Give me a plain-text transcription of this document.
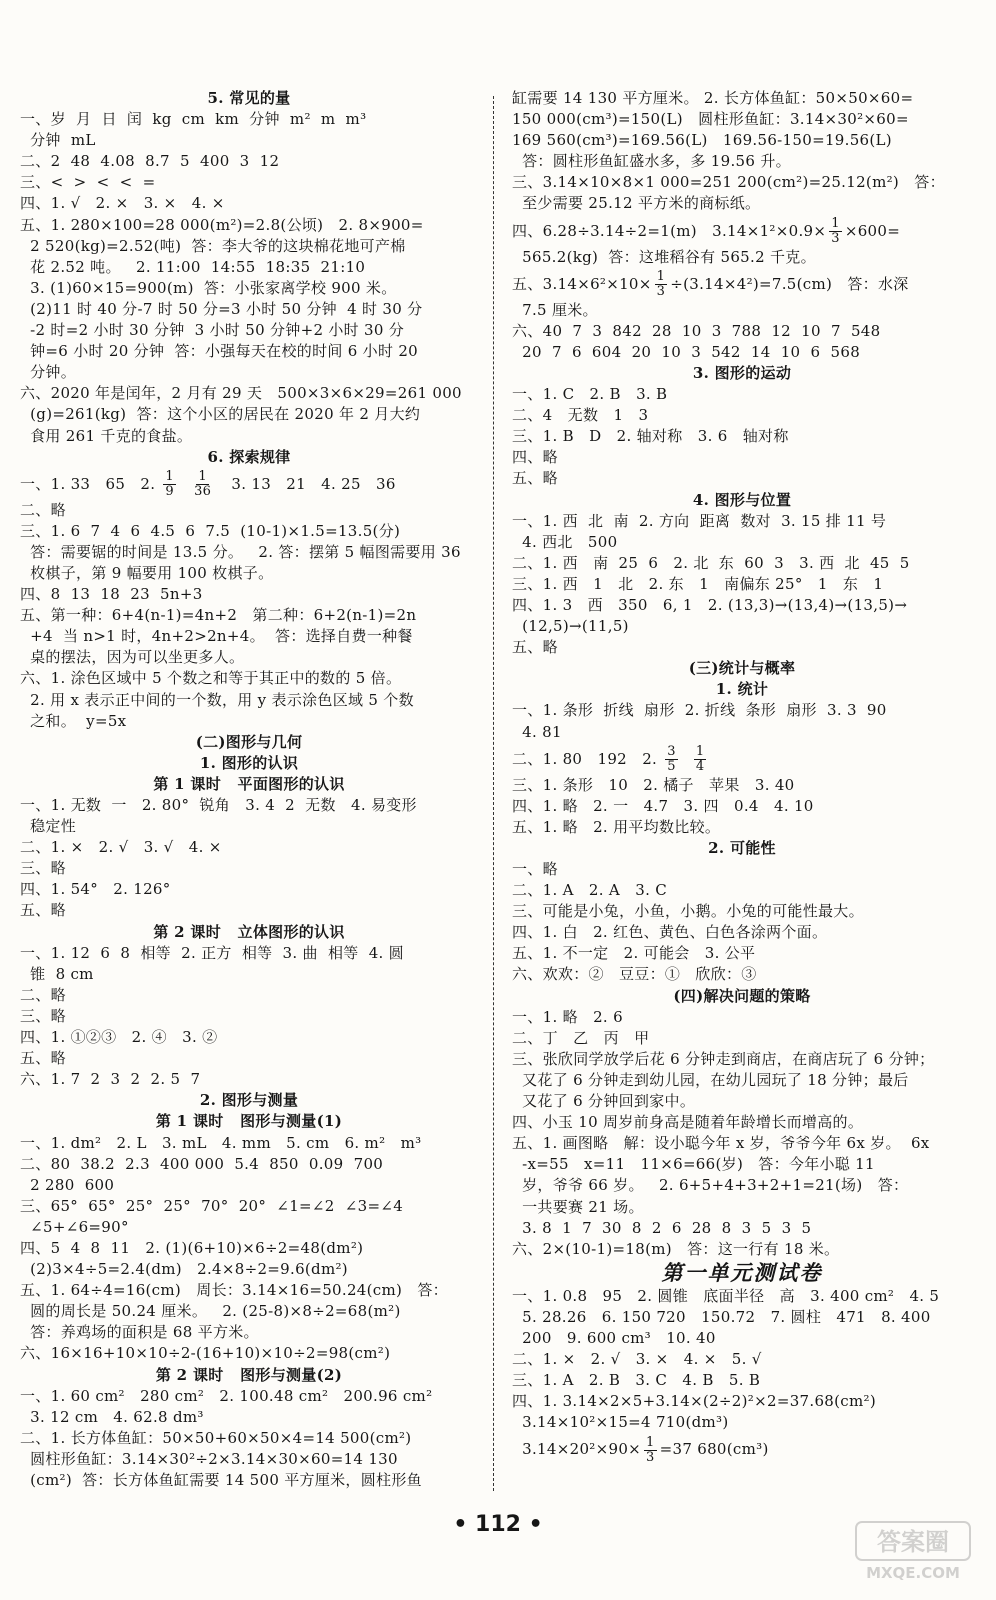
5. 常见的量
一、岁  月  日  闰  kg  cm  km  分钟  m²  m  m³
分钟  mL
二、2  48  4.08  8.7  5  400  3  12
三、<  >  <  <  =
四、1. √   2. ×   3. ×   4. ×
五、1. 280×100=28 000(m²)=2.8(公顷)   2. 8×900=
2 520(kg)=2.52(吨)  答：李大爷的这块棉花地可产棉
花 2.52 吨。   2. 11:00  14:55  18:35  21:10
3. (1)60×15=900(m)  答：小张家离学校 900 米。
(2)11 时 40 分-7 时 50 分=3 小时 50 分钟  4 时 30 分
-2 时=2 小时 30 分钟  3 小时 50 分钟+2 小时 30 分
钟=6 小时 20 分钟  答：小强每天在校的时间 6 小时 20
分钟。
六、2020 年是闰年，2 月有 29 天   500×3×6×29=261 000
(g)=261(kg)  答：这个小区的居民在 2020 年 2 月大约
食用 261 千克的食盐。
6. 探索规律
一、1. 33   65   2. $\frac{1}{9}$
$\frac{1}{36} 3$. 13   21   4. 25   36
二、略
三、1. 6  7  4  6  4.5  6  7.5  (10-1)×1.5=13.5(分)
答：需要锯的时间是 13.5 分。   2. 答：摆第 5 幅图需要用 36
枚棋子，第 9 幅要用 100 枚棋子。
四、8  13  18  23  5n+3
五、第一种：6+4(n-1)=4n+2   第二种：6+2(n-1)=2n
+4  当 n>1 时，4n+2>2n+4。  答：选择自费一种餐
桌的摆法，因为可以坐更多人。
六、1. 涂色区域中 5 个数之和等于其正中的数的 5 倍。
2. 用 x 表示正中间的一个数，用 y 表示涂色区域 5 个数
之和。  y=5x
(二)图形与几何
1. 图形的认识
第 1 课时   平面图形的认识
一、1. 无数  一   2. 80°  锐角   3. 4  2  无数   4. 易变形
稳定性
二、1. ×   2. √   3. √   4. ×
三、略
四、1. 54°   2. 126°
五、略
第 2 课时   立体图形的认识
一、1. 12  6  8  相等  2. 正方  相等  3. 曲  相等  4. 圆
锥  8 cm
二、略
三、略
四、1. ①②③   2. ④   3. ②
五、略
六、1. 7  2  3  2  2. 5  7
2. 图形与测量
第 1 课时   图形与测量(1)
一、1. dm²   2. L   3. mL   4. mm   5. cm   6. m²   m³
二、80  38.2  2.3  400 000  5.4  850  0.09  700
2 280  600
三、65°  65°  25°  25°  70°  20°  ∠1=∠2  ∠3=∠4
∠5+∠6=90°
四、5  4  8  11   2. (1)(6+10)×6÷2=48(dm²)
(2)3×4÷5=2.4(dm)   2.4×8÷2=9.6(dm²)
五、1. 64÷4=16(cm)   周长：3.14×16=50.24(cm)   答：
圆的周长是 50.24 厘米。   2. (25-8)×8÷2=68(m²)
答：养鸡场的面积是 68 平方米。
六、16×16+10×10÷2-(16+10)×10÷2=98(cm²)
第 2 课时   图形与测量(2)
一、1. 60 cm²   280 cm²   2. 100.48 cm²   200.96 cm²
3. 12 cm   4. 62.8 dm³
二、1. 长方体鱼缸：50×50+60×50×4=14 500(cm²)
圆柱形鱼缸：3.14×30²÷2×3.14×30×60=14 130
(cm²)  答：长方体鱼缸需要 14 500 平方厘米，圆柱形鱼
缸需要 14 130 平方厘米。 2. 长方体鱼缸：50×50×60=
150 000(cm³)=150(L)   圆柱形鱼缸：3.14×30²×60=
169 560(cm³)=169.56(L)   169.56-150=19.56(L)
答：圆柱形鱼缸盛水多，多 19.56 升。
三、3.14×10×8×1 000=251 200(cm²)=25.12(m²)   答：
至少需要 25.12 平方米的商标纸。
四、6.28÷3.14÷2=1(m)   $3.14\times 1^2\times 0.9\times \frac{1}{3} \times 600=$
565.2(kg)  答：这堆稻谷有 565.2 千克。
五、$3.14\times 6^2\times 10\times \frac{1}{3} \div(3.14\times 4^2)=7.5(cm)$   答：水深
7.5 厘米。
六、40  7  3  842  28  10  3  788  12  10  7  548
20  7  6  604  20  10  3  542  14  10  6  568
3. 图形的运动
一、1. C   2. B   3. B
二、4   无数   1   3
三、1. B   D   2. 轴对称   3. 6   轴对称
四、略
五、略
4. 图形与位置
一、1. 西  北  南  2. 方向  距离  数对  3. 15 排 11 号
4. 西北   500
二、1. 西   南  25  6   2. 北  东  60  3   3. 西  北  45  5
三、1. 西   1   北   2. 东   1   南偏东 25°   1   东   1
四、1. 3   西   350   6, 1   2. (13,3)→(13,4)→(13,5)→
(12,5)→(11,5)
五、略
(三)统计与概率
1. 统计
一、1. 条形  折线  扇形  2. 折线  条形  扇形  3. 3  90
4. 81
二、1. 80   192   2. $\frac{3}{5}$
$\frac{1}{4}$
三、1. 条形   10   2. 橘子   苹果   3. 40
四、1. 略   2. 一   4.7   3. 四   0.4   4. 10
五、1. 略   2. 用平均数比较。
2. 可能性
一、略
二、1. A   2. A   3. C
三、可能是小兔，小鱼，小鹅。小兔的可能性最大。
四、1. 白   2. 红色、黄色、白色各涂两个面。
五、1. 不一定   2. 可能会   3. 公平
六、欢欢：②   豆豆：①   欣欣：③
(四)解决问题的策略
一、1. 略   2. 6
二、丁   乙   丙   甲
三、张欣同学放学后花 6 分钟走到商店，在商店玩了 6 分钟；
又花了 6 分钟走到幼儿园，在幼儿园玩了 18 分钟；最后
又花了 6 分钟回到家中。
四、小玉 10 周岁前身高是随着年龄增长而增高的。
五、1. 画图略   解：设小聪今年 x 岁，爷爷今年 6x 岁。  6x
-x=55   x=11   11×6=66(岁)   答：今年小聪 11
岁，爷爷 66 岁。   2. 6+5+4+3+2+1=21(场)   答：
一共要赛 21 场。
3. 8  1  7  30  8  2  6  28  8  3  5  3  5
六、2×(10-1)=18(m)   答：这一行有 18 米。
第一单元测试卷
一、1. 0.8   95   2. 圆锥   底面半径   高   3. 400 cm²   4. 5
5. 28.26   6. 150 720   150.72   7. 圆柱   471   8. 400
200   9. 600 cm³   10. 40
二、1. ×   2. √   3. ×   4. ×   5. √
三、1. A   2. B   3. C   4. B   5. B
四、1. 3.14×2×5+3.14×(2÷2)²×2=37.68(cm²)
3.14×10²×15=4 710(dm³)
$3.14\times 20^2\times 90\times \frac{1}{3} =37$ 680(cm³)
• 112 •
答案圈
MXQE.COM
